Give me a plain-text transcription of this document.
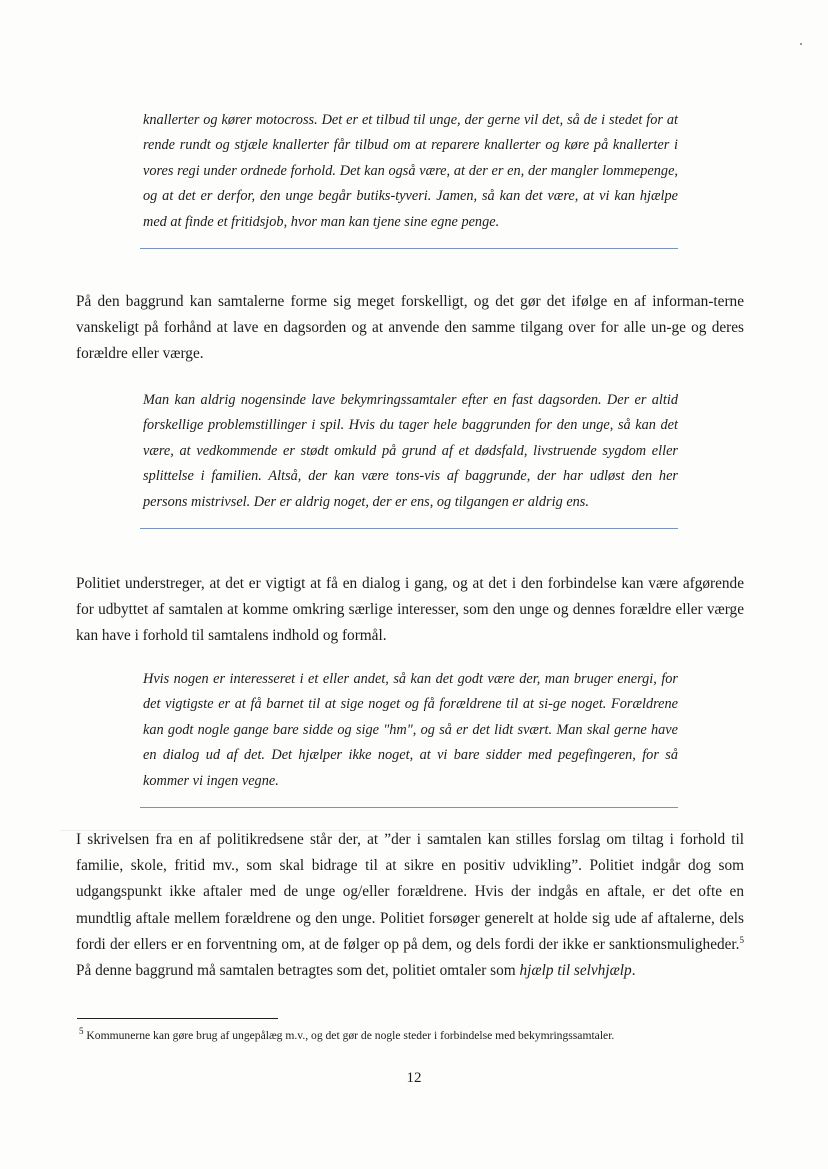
knallerter og kører motocross. Det er et tilbud til unge, der gerne vil det, så de i stedet for at rende rundt og stjæle knallerter får tilbud om at reparere knallerter og køre på knallerter i vores regi under ordnede forhold. Det kan også være, at der er en, der mangler lommepenge, og at det er derfor, den unge begår butiks-tyveri. Jamen, så kan det være, at vi kan hjælpe med at finde et fritidsjob, hvor man kan tjene sine egne penge.
På den baggrund kan samtalerne forme sig meget forskelligt, og det gør det ifølge en af informan-terne vanskeligt på forhånd at lave en dagsorden og at anvende den samme tilgang over for alle un-ge og deres forældre eller værge.
Man kan aldrig nogensinde lave bekymringssamtaler efter en fast dagsorden. Der er altid forskellige problemstillinger i spil. Hvis du tager hele baggrunden for den unge, så kan det være, at vedkommende er stødt omkuld på grund af et dødsfald, livstruende sygdom eller splittelse i familien. Altså, der kan være tons-vis af baggrunde, der har udløst den her persons mistrivsel. Der er aldrig noget, der er ens, og tilgangen er aldrig ens.
Politiet understreger, at det er vigtigt at få en dialog i gang, og at det i den forbindelse kan være afgørende for udbyttet af samtalen at komme omkring særlige interesser, som den unge og dennes forældre eller værge kan have i forhold til samtalens indhold og formål.
Hvis nogen er interesseret i et eller andet, så kan det godt være der, man bruger energi, for det vigtigste er at få barnet til at sige noget og få forældrene til at si-ge noget. Forældrene kan godt nogle gange bare sidde og sige "hm", og så er det lidt svært. Man skal gerne have en dialog ud af det. Det hjælper ikke noget, at vi bare sidder med pegefingeren, for så kommer vi ingen vegne.
I skrivelsen fra en af politikredsene står der, at ”der i samtalen kan stilles forslag om tiltag i forhold til familie, skole, fritid mv., som skal bidrage til at sikre en positiv udvikling”. Politiet indgår dog som udgangspunkt ikke aftaler med de unge og/eller forældrene. Hvis der indgås en aftale, er det ofte en mundtlig aftale mellem forældrene og den unge. Politiet forsøger generelt at holde sig ude af aftalerne, dels fordi der ellers er en forventning om, at de følger op på dem, og dels fordi der ikke er sanktionsmuligheder.$^5$ På denne baggrund må samtalen betragtes som det, politiet omtaler som hjælp til selvhjælp.
$^5$ Kommunerne kan gøre brug af ungepålæg m.v., og det gør de nogle steder i forbindelse med bekymringssamtaler.
12
